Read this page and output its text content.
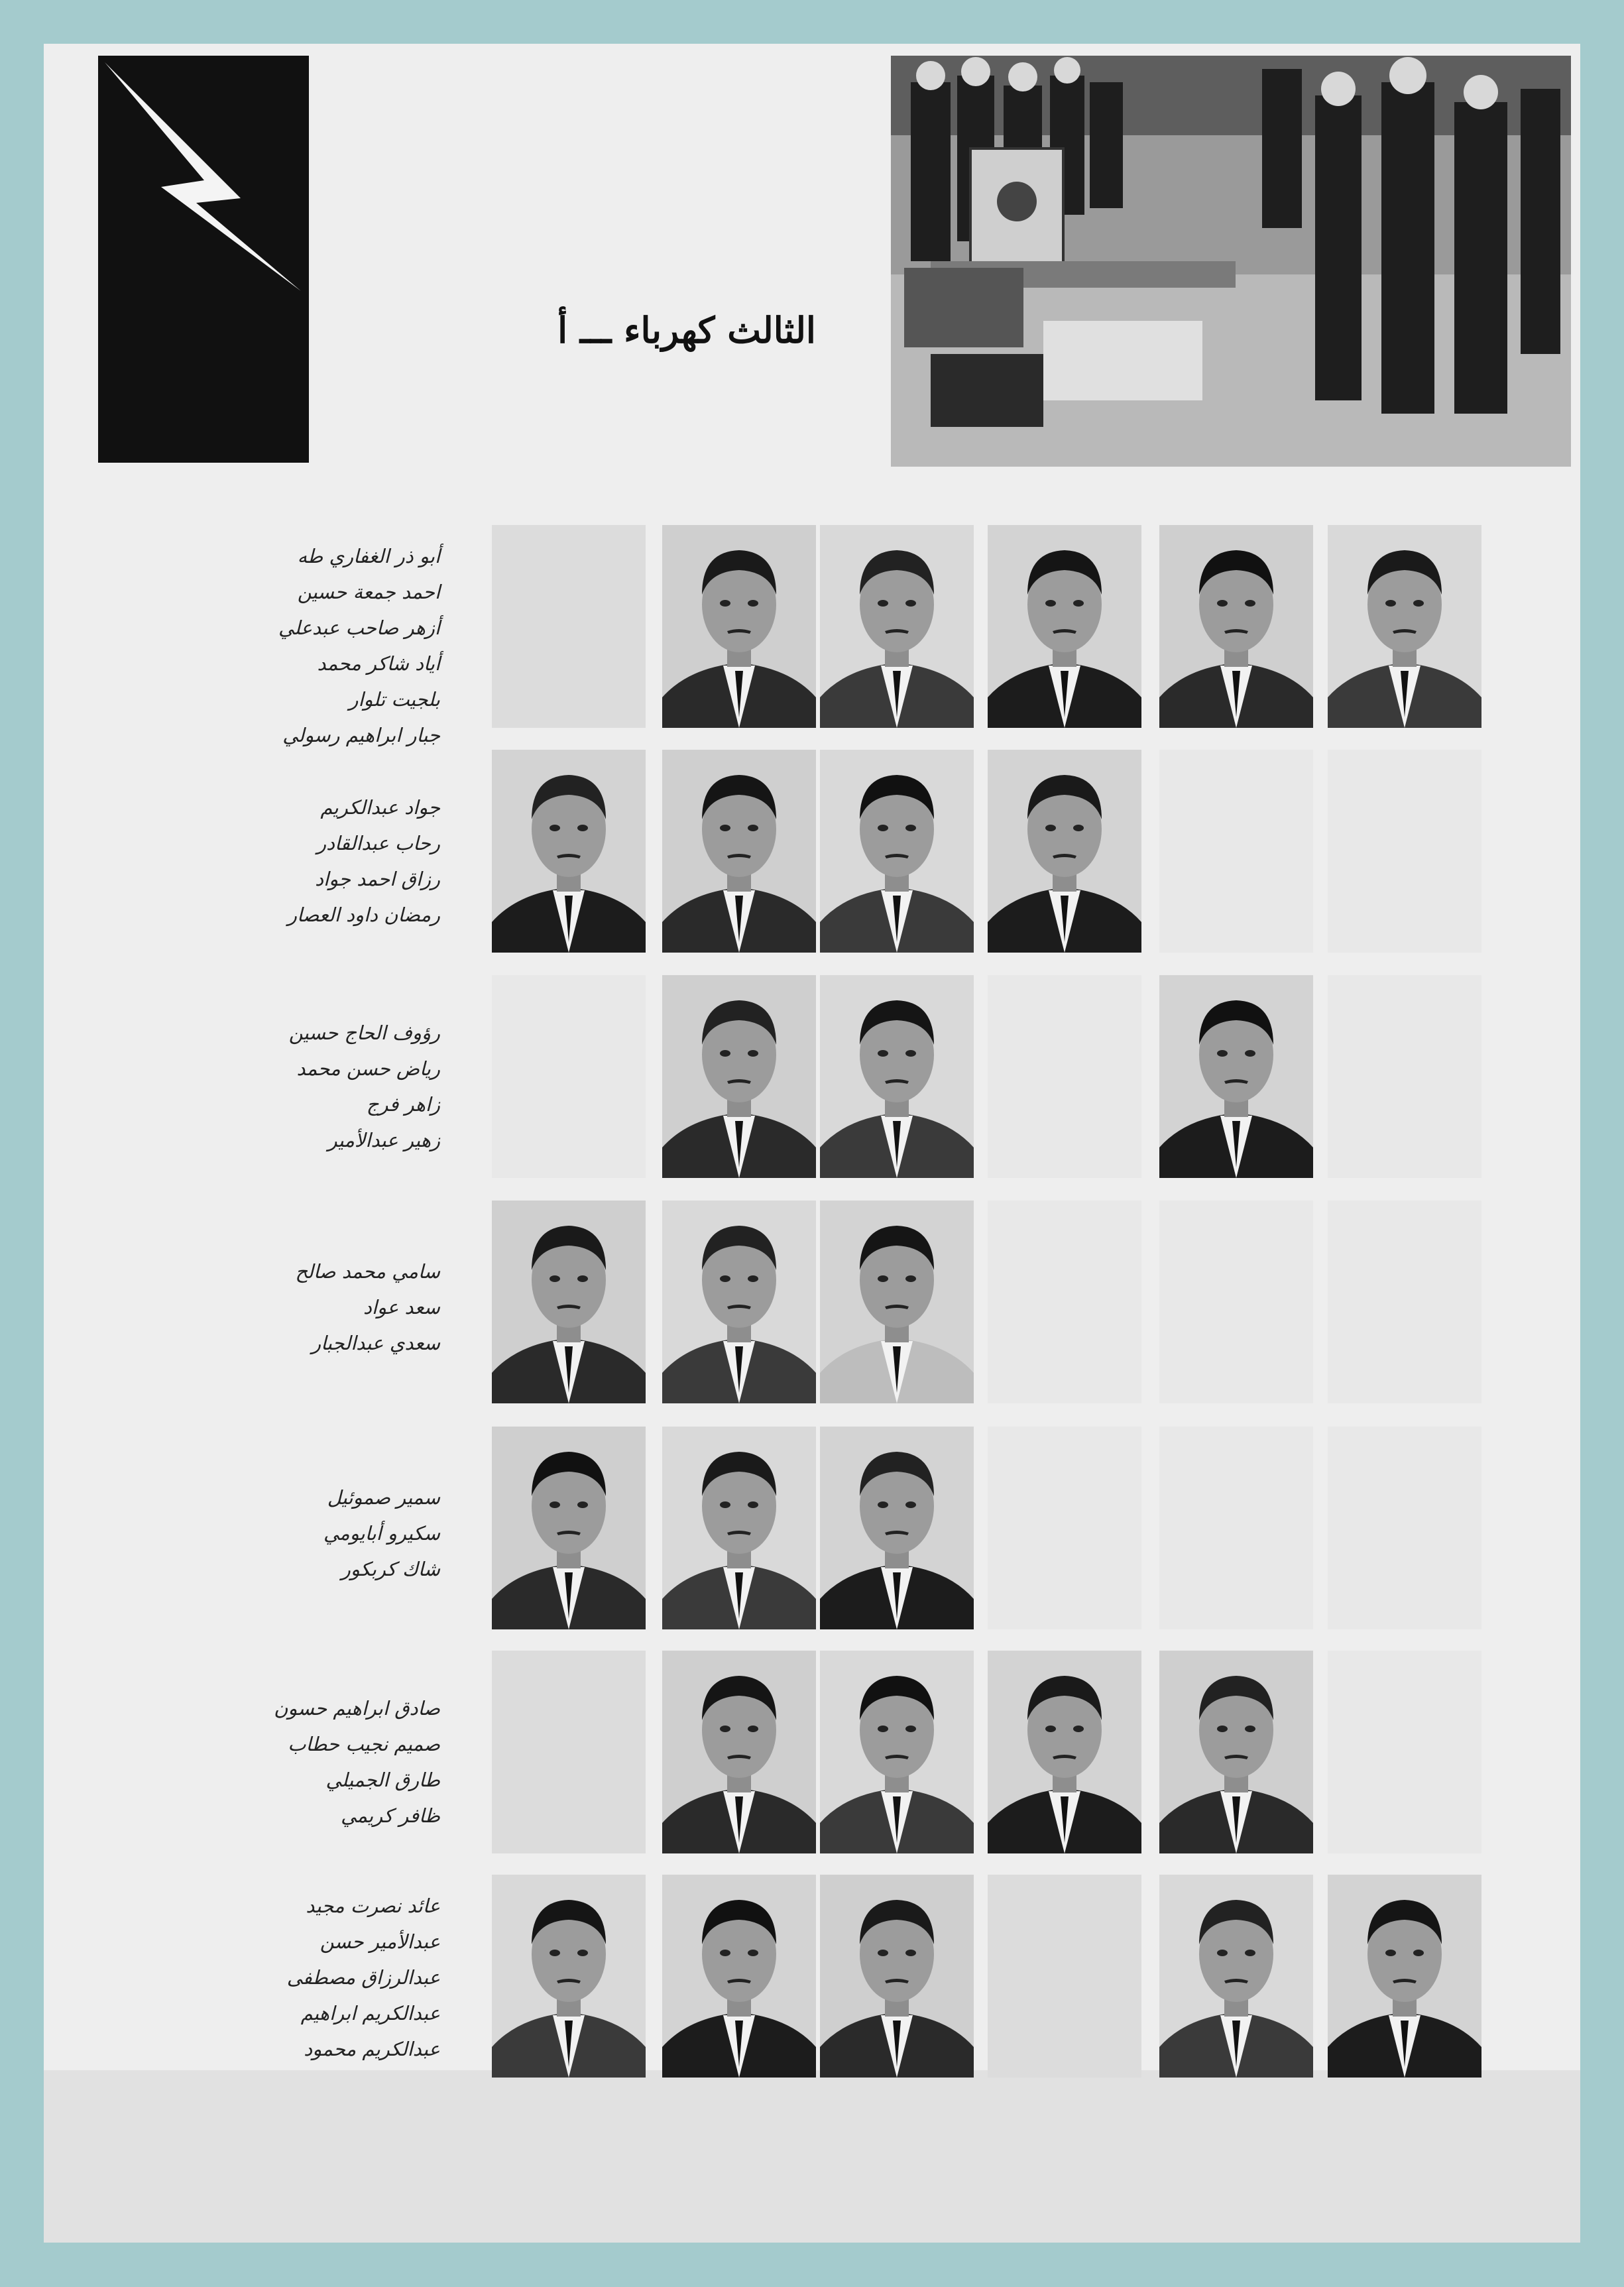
الثالث كهرباء ـــ أ
أبو ذر الغفاري طه
احمد جمعة حسين
أزهر صاحب عبدعلي
أياد شاكر محمد
بلجيت تلوار
جبار ابراهيم رسولي
جواد عبدالكريم
رحاب عبدالقادر
رزاق احمد جواد
رمضان داود العصار
رؤوف الحاج حسين
رياض حسن محمد
زاهر فرج
زهير عبدالأمير
سامي محمد صالح
سعد عواد
سعدي عبدالجبار
سمير صموئيل
سكيرو أبايومي
شاك كربكور
صادق ابراهيم حسون
صميم نجيب حطاب
طارق الجميلي
ظافر كريمي
عائد نصرت مجيد
عبدالأمير حسن
عبدالرزاق مصطفى
عبدالكريم ابراهيم
عبدالكريم محمود
